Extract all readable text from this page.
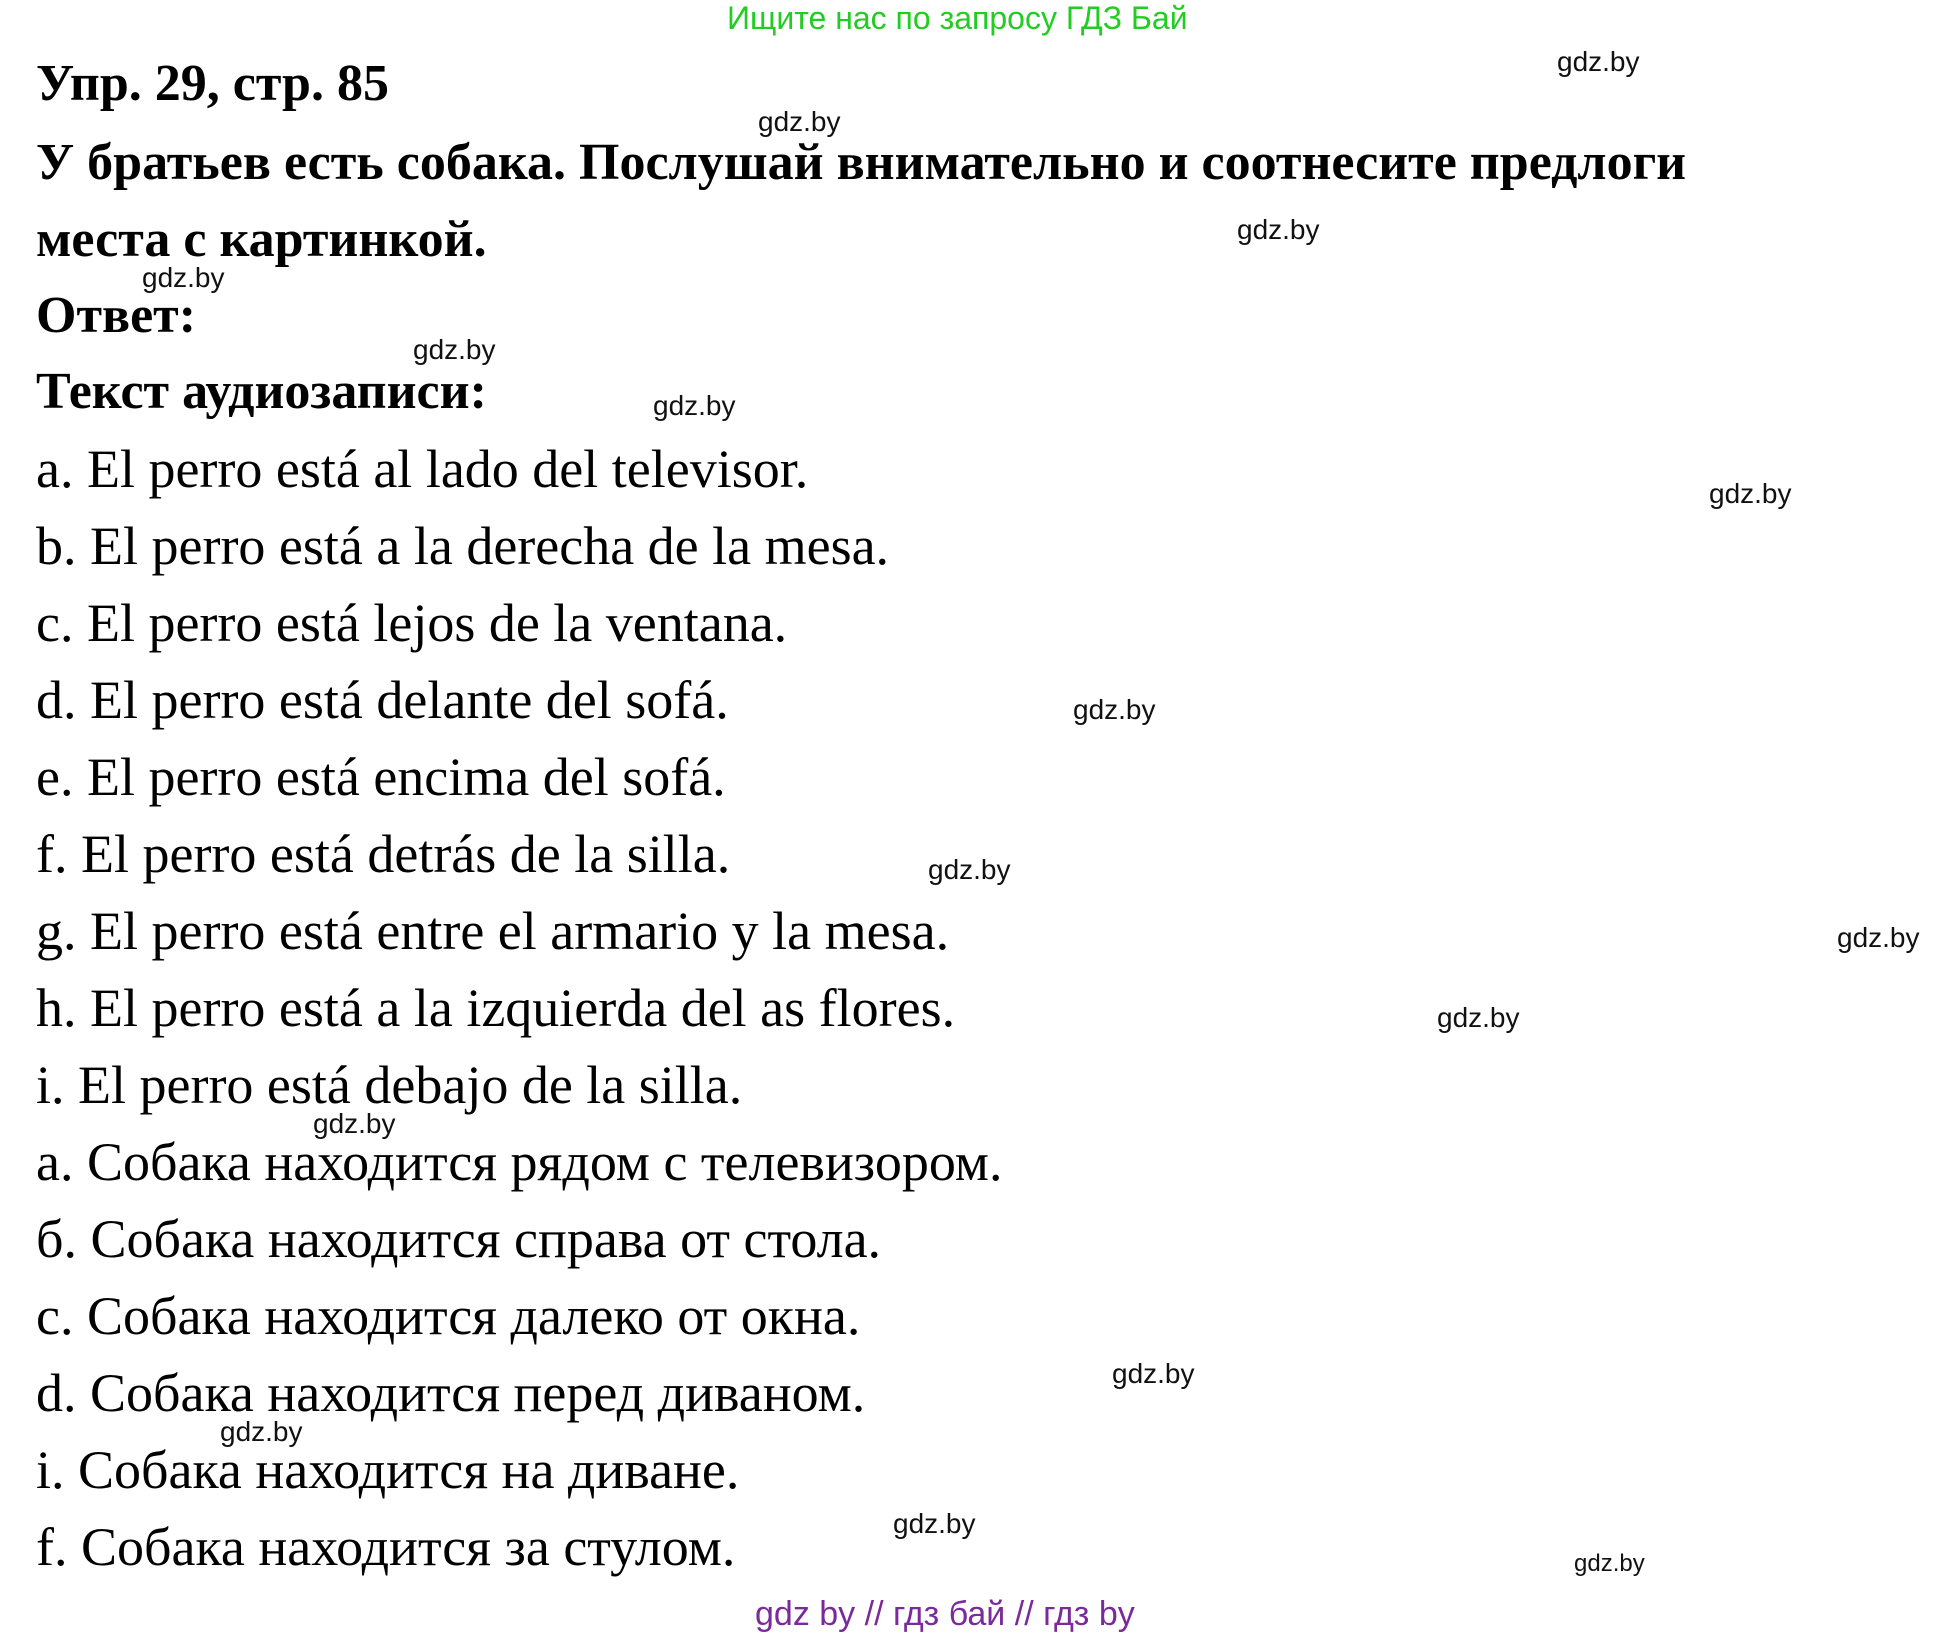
Ищите нас по запросу ГДЗ Бай
Упр. 29, стр. 85
У братьев есть собака. Послушай внимательно и соотнесите предлоги
места с картинкой.
Ответ:
Текст аудиозаписи:
a. El perro está al lado del televisor.
b. El perro está a la derecha de la mesa.
c. El perro está lejos de la ventana.
d. El perro está delante del sofá.
e. El perro está encima del sofá.
f. El perro está detrás de la silla.
g. El perro está entre el armario y la mesa.
h. El perro está a la izquierda del as flores.
i. El perro está debajo de la silla.
a. Собака находится рядом с телевизором.
б. Собака находится справа от стола.
c. Собака находится далеко от окна.
d. Собака находится перед диваном.
i. Собака находится на диване.
f. Собака находится за стулом.
gdz.by
gdz.by
gdz.by
gdz.by
gdz.by
gdz.by
gdz.by
gdz.by
gdz.by
gdz.by
gdz.by
gdz.by
gdz.by
gdz.by
gdz.by
gdz.by
gdz by // гдз бай // гдз by
